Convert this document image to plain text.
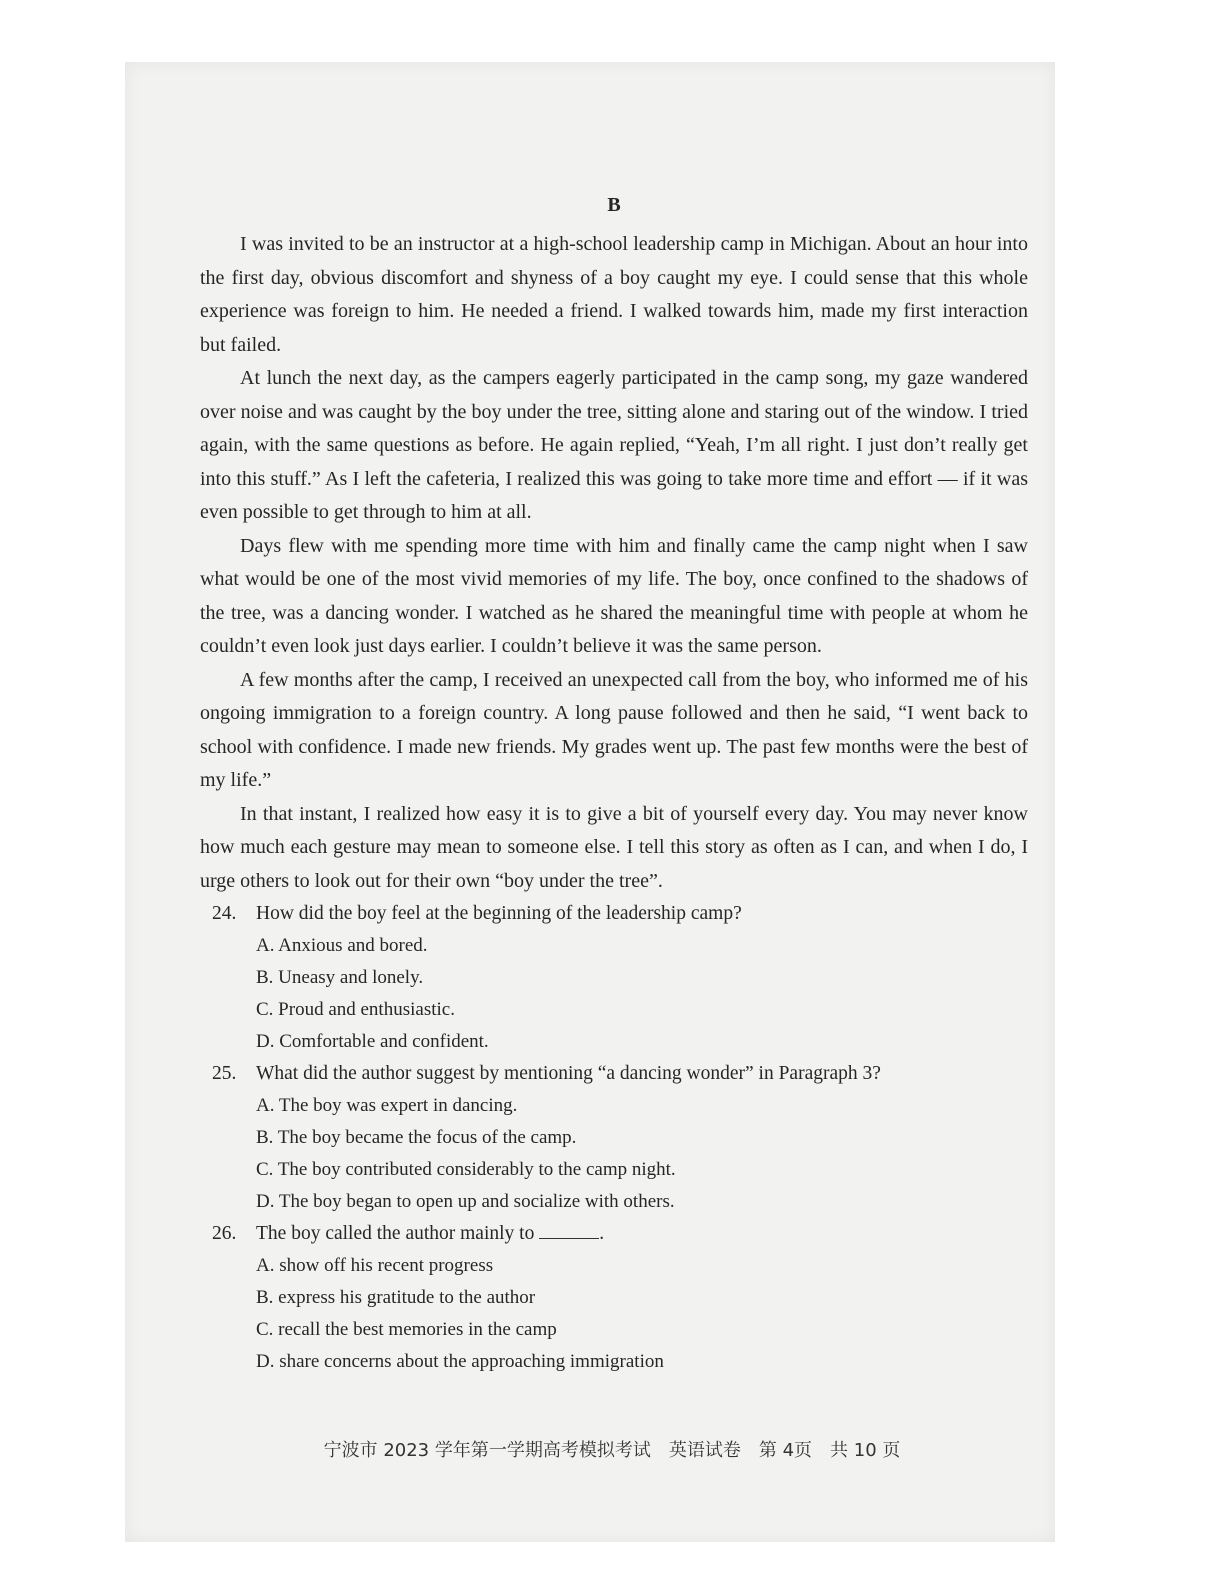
B

I was invited to be an instructor at a high-school leadership camp in Michigan. About an hour into the first day, obvious discomfort and shyness of a boy caught my eye. I could sense that this whole experience was foreign to him. He needed a friend. I walked towards him, made my first interaction but failed.

At lunch the next day, as the campers eagerly participated in the camp song, my gaze wandered over noise and was caught by the boy under the tree, sitting alone and staring out of the window. I tried again, with the same questions as before. He again replied, “Yeah, I’m all right. I just don’t really get into this stuff.” As I left the cafeteria, I realized this was going to take more time and effort — if it was even possible to get through to him at all.

Days flew with me spending more time with him and finally came the camp night when I saw what would be one of the most vivid memories of my life. The boy, once confined to the shadows of the tree, was a dancing wonder. I watched as he shared the meaningful time with people at whom he couldn’t even look just days earlier. I couldn’t believe it was the same person.

A few months after the camp, I received an unexpected call from the boy, who informed me of his ongoing immigration to a foreign country. A long pause followed and then he said, “I went back to school with confidence. I made new friends. My grades went up. The past few months were the best of my life.”

In that instant, I realized how easy it is to give a bit of yourself every day. You may never know how much each gesture may mean to someone else. I tell this story as often as I can, and when I do, I urge others to look out for their own “boy under the tree”.

24.	How did the boy feel at the beginning of the leadership camp?
A. Anxious and bored.
B. Uneasy and lonely.
C. Proud and enthusiastic.
D. Comfortable and confident.
25.	What did the author suggest by mentioning “a dancing wonder” in Paragraph 3?
A. The boy was expert in dancing.
B. The boy became the focus of the camp.
C. The boy contributed considerably to the camp night.
D. The boy began to open up and socialize with others.
26.	The boy called the author mainly to	.
A. show off his recent progress
B. express his gratitude to the author
C. recall the best memories in the camp
D. share concerns about the approaching immigration
宁波市 2023 学年第一学期高考模拟考试　英语试卷　第 4页　共 10 页
